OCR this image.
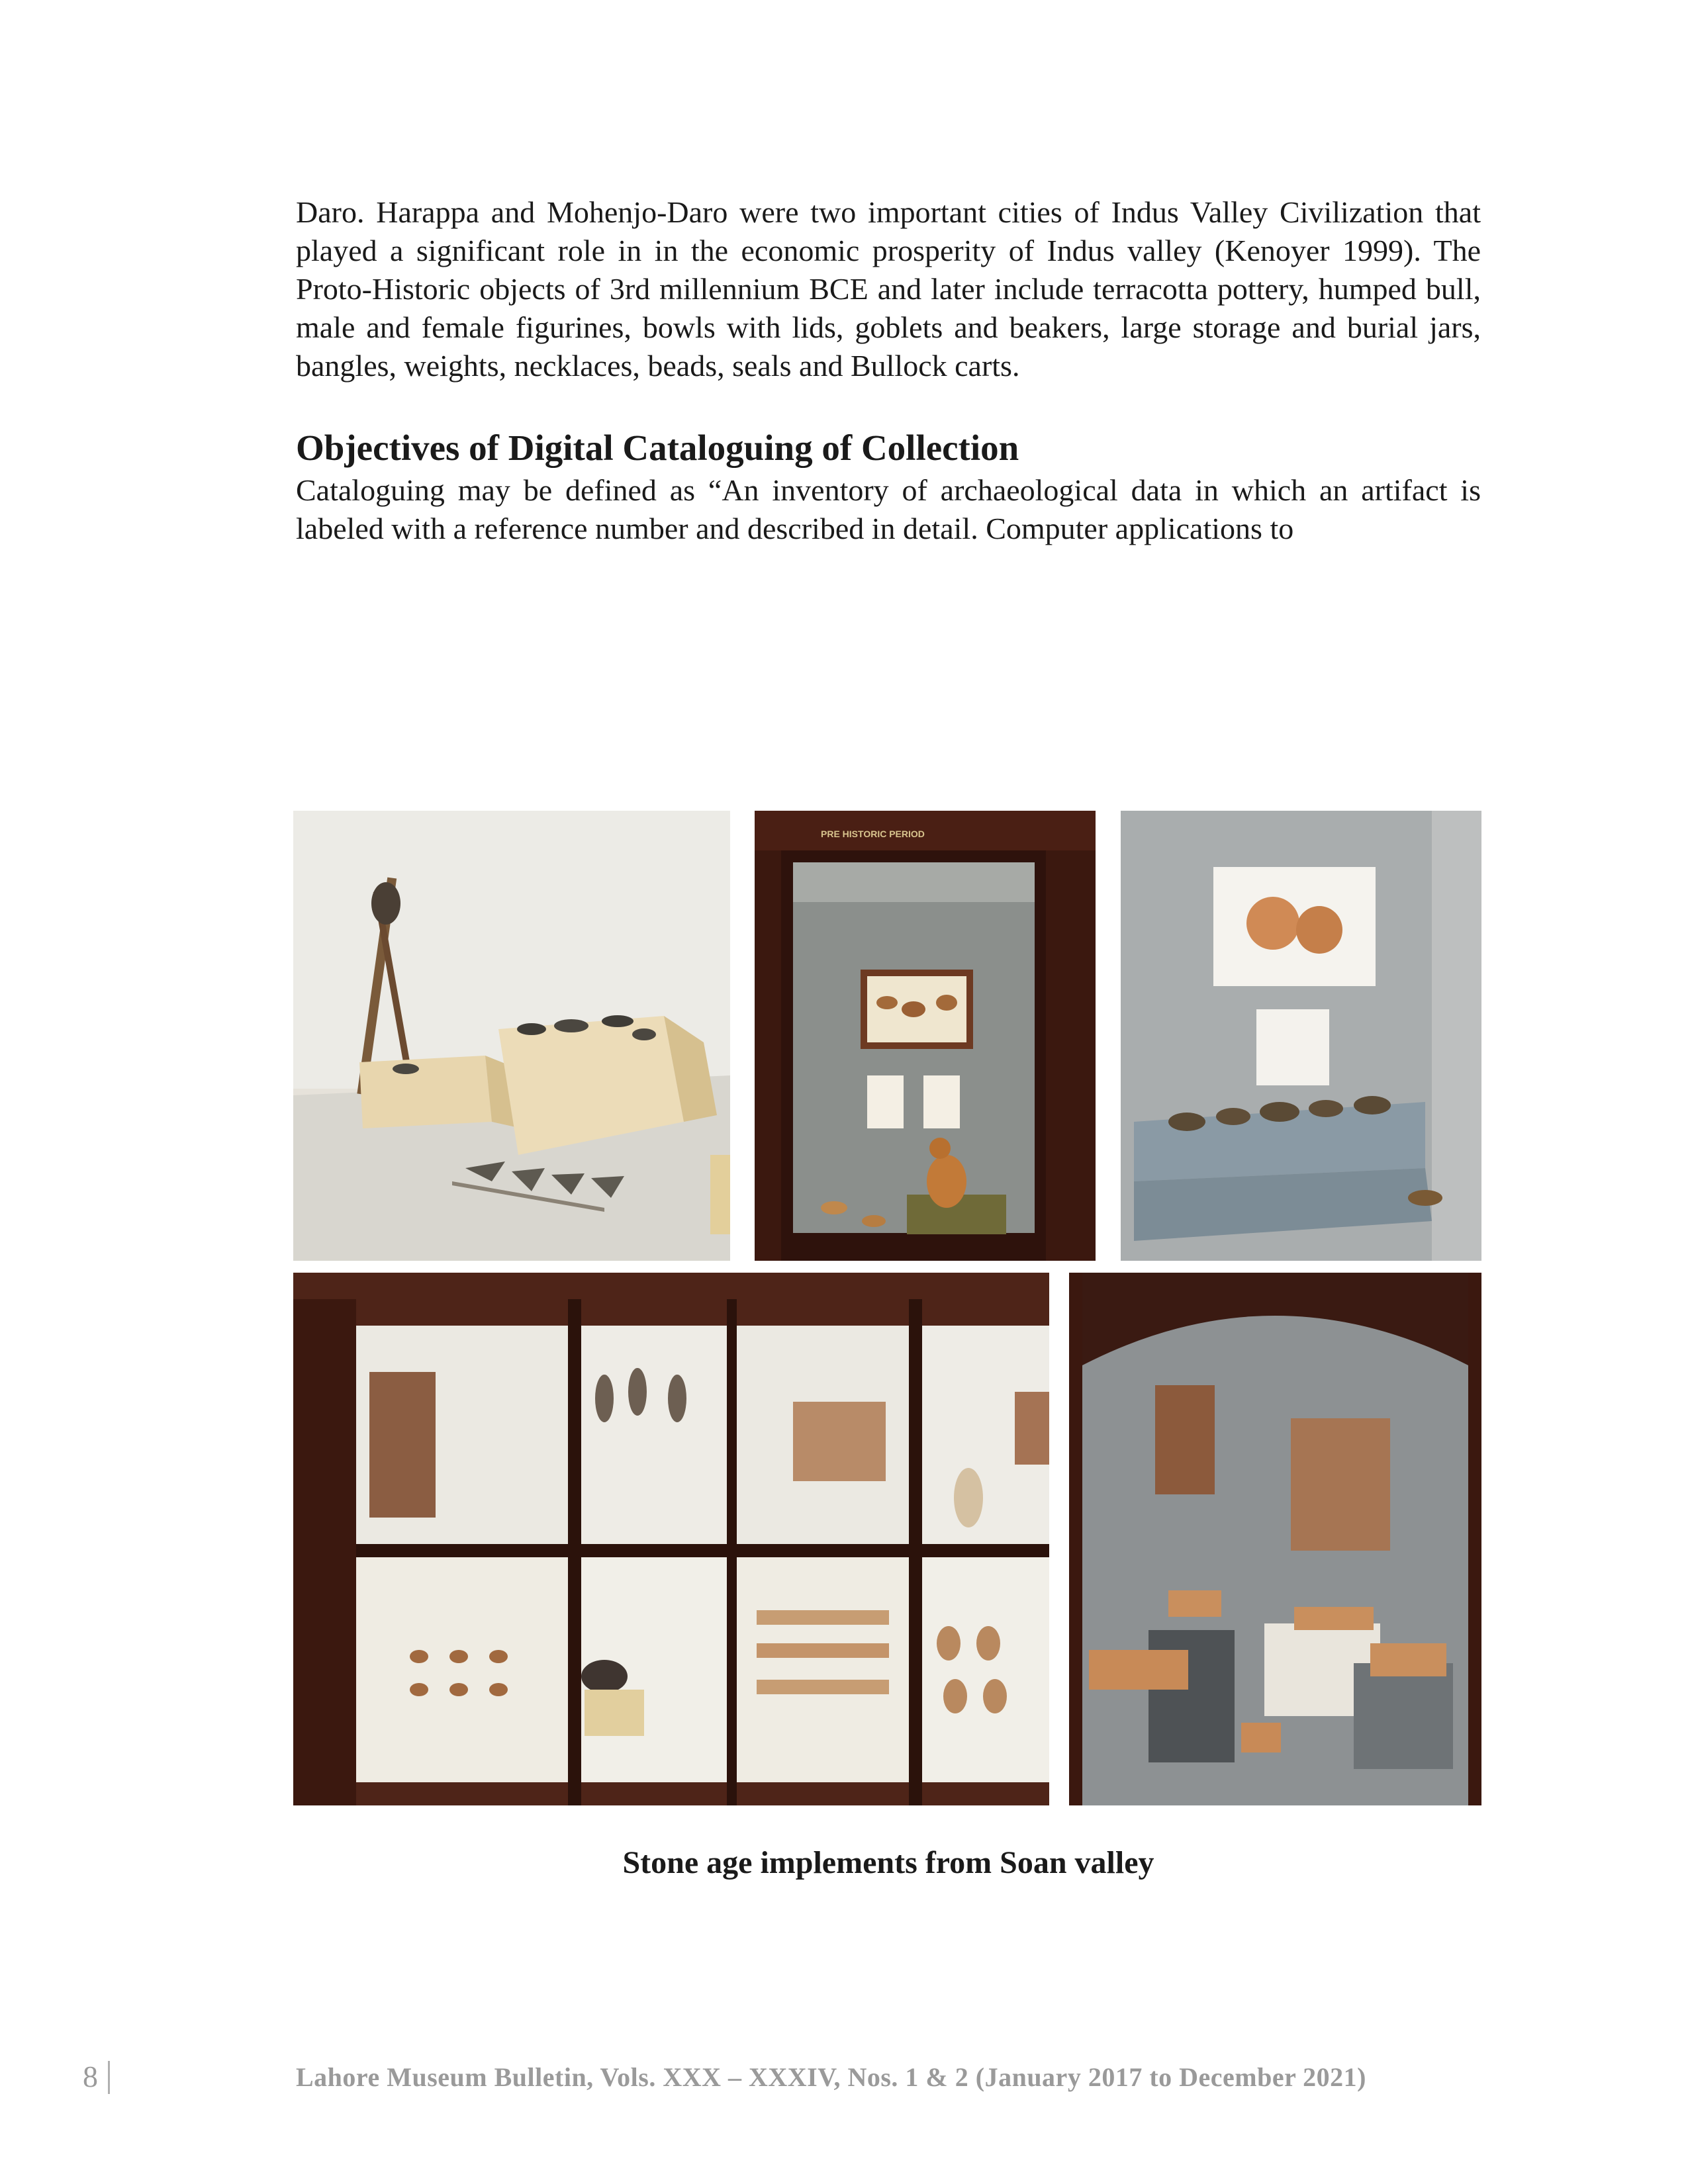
Daro. Harappa and Mohenjo-Daro were two important cities of Indus Valley Civilization that played a significant role in in the economic prosperity of Indus valley (Kenoyer 1999). The Proto-Historic objects of 3rd millennium BCE and later include terracotta pottery, humped bull, male and female figurines, bowls with lids, goblets and beakers, large storage and burial jars, bangles, weights, necklaces, beads, seals and Bullock carts.

Objectives of Digital Cataloguing of Collection

Cataloguing may be defined as “An inventory of archaeological data in which an artifact is labeled with a reference number and described in detail. Computer applications to

PRE HISTORIC PERIOD
Stone age implements from Soan valley
8	Lahore Museum Bulletin, Vols. XXX – XXXIV, Nos. 1 & 2 (January 2017 to December 2021)
